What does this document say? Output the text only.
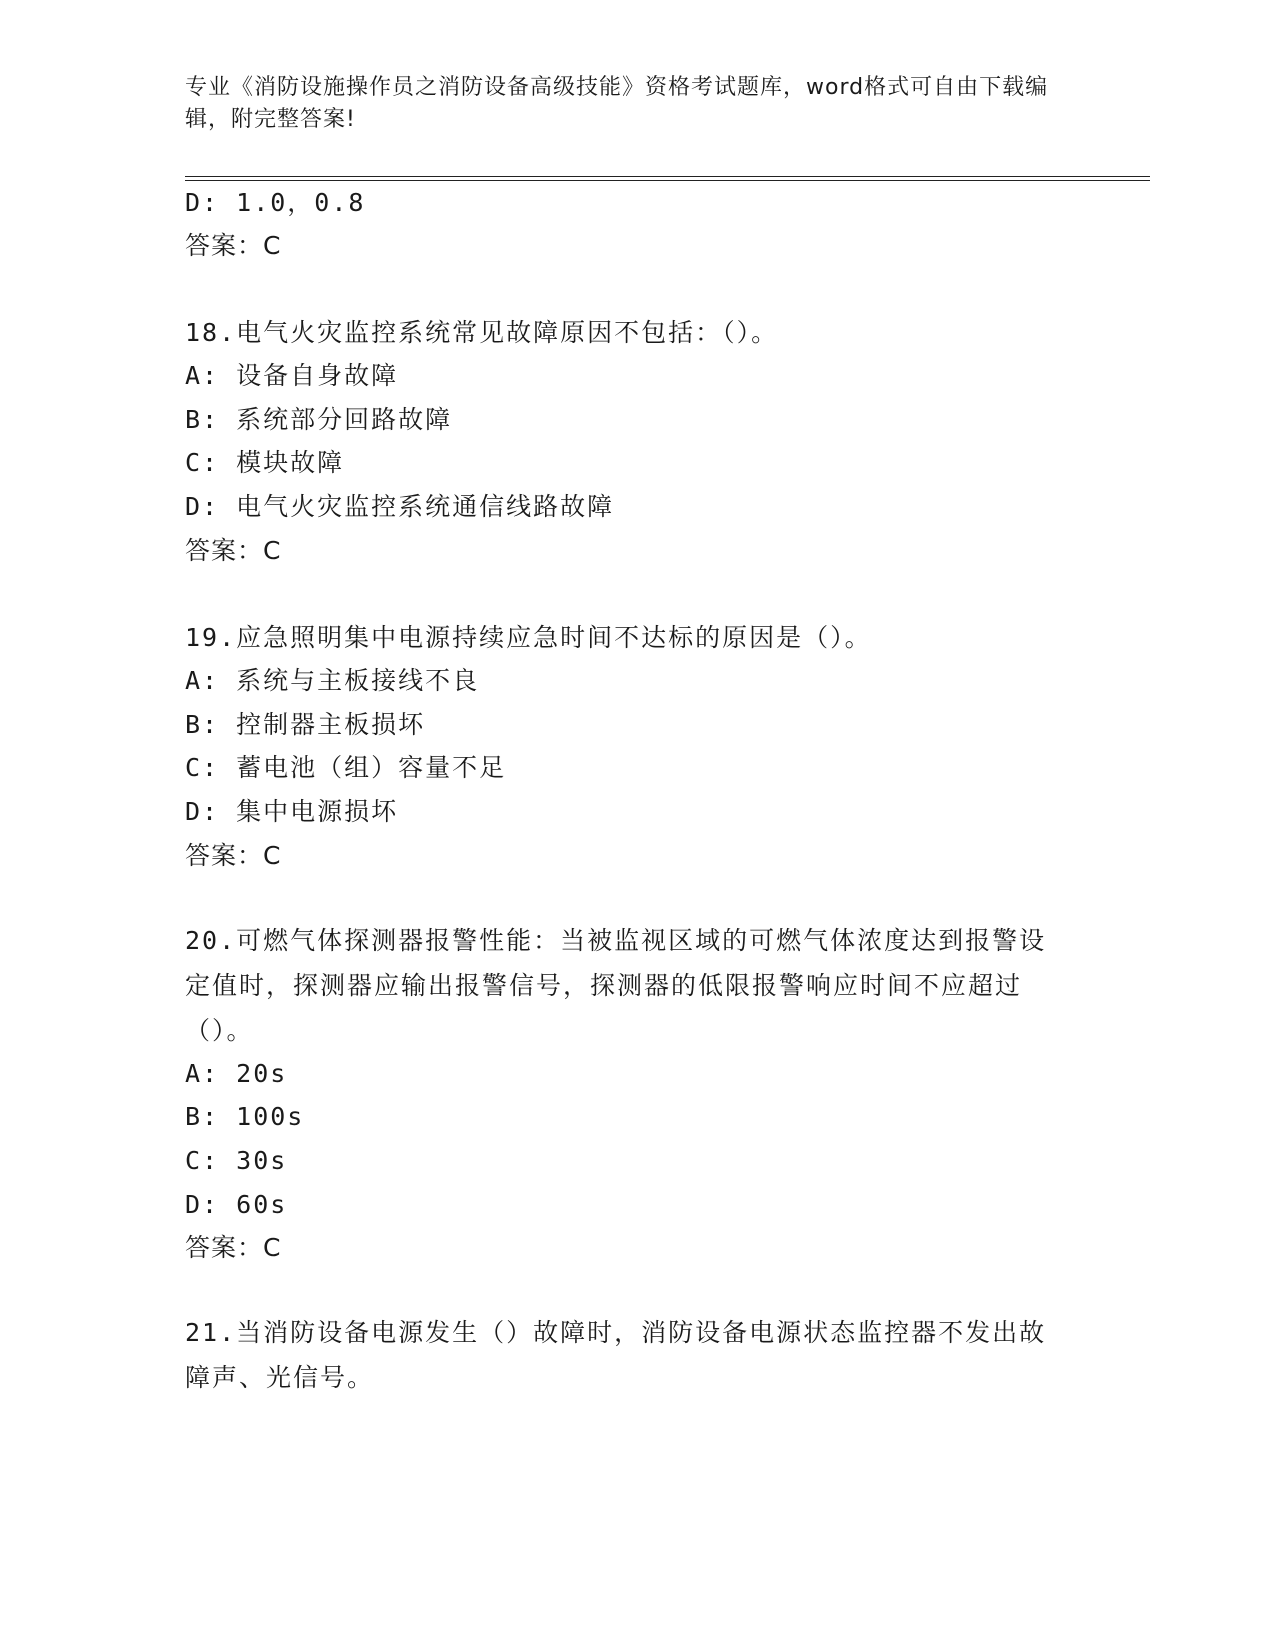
专业《消防设施操作员之消防设备高级技能》资格考试题库，word格式可自由下载编辑，附完整答案!
D: 1.0，0.8
答案：C
18.电气火灾监控系统常见故障原因不包括：（）。
A: 设备自身故障
B: 系统部分回路故障
C: 模块故障
D: 电气火灾监控系统通信线路故障
答案：C
19.应急照明集中电源持续应急时间不达标的原因是（）。
A: 系统与主板接线不良
B: 控制器主板损坏
C: 蓄电池（组）容量不足
D: 集中电源损坏
答案：C
20.可燃气体探测器报警性能：当被监视区域的可燃气体浓度达到报警设定值时，探测器应输出报警信号，探测器的低限报警响应时间不应超过（）。
A: 20s
B: 100s
C: 30s
D: 60s
答案：C
21.当消防设备电源发生（）故障时，消防设备电源状态监控器不发出故障声、光信号。
